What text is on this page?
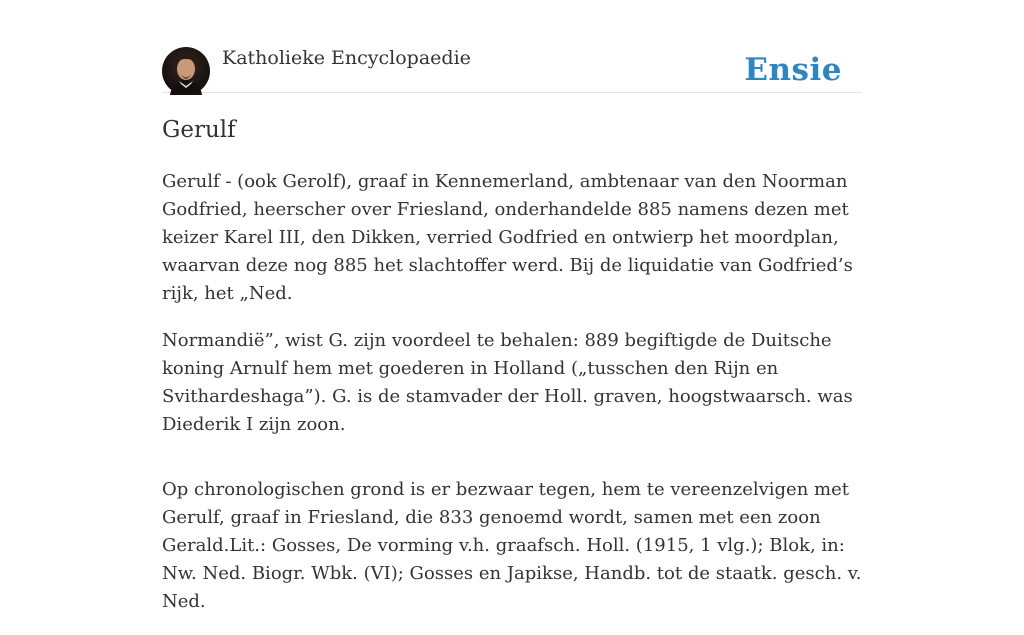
Katholieke Encyclopaedie	Ensie
Gerulf

Gerulf - (ook Gerolf), graaf in Kennemerland, ambtenaar van den Noorman Godfried, heerscher over Friesland, onderhandelde 885 namens dezen met keizer Karel III, den Dikken, verried Godfried en ontwierp het moordplan, waarvan deze nog 885 het slachtoffer werd. Bij de liquidatie van Godfried’s rijk, het „Ned.

Normandië”, wist G. zijn voordeel te behalen: 889 begiftigde de Duitsche koning Arnulf hem met goederen in Holland („tusschen den Rijn en Svithardeshaga”). G. is de stamvader der Holl. graven, hoogstwaarsch. was Diederik I zijn zoon.

Op chronologischen grond is er bezwaar tegen, hem te vereenzelvigen met Gerulf, graaf in Friesland, die 833 genoemd wordt, samen met een zoon Gerald.Lit.: Gosses, De vorming v.h. graafsch. Holl. (1915, 1 vlg.); Blok, in: Nw. Ned. Biogr. Wbk. (VI); Gosses en Japikse, Handb. tot de staatk. gesch. v. Ned.
